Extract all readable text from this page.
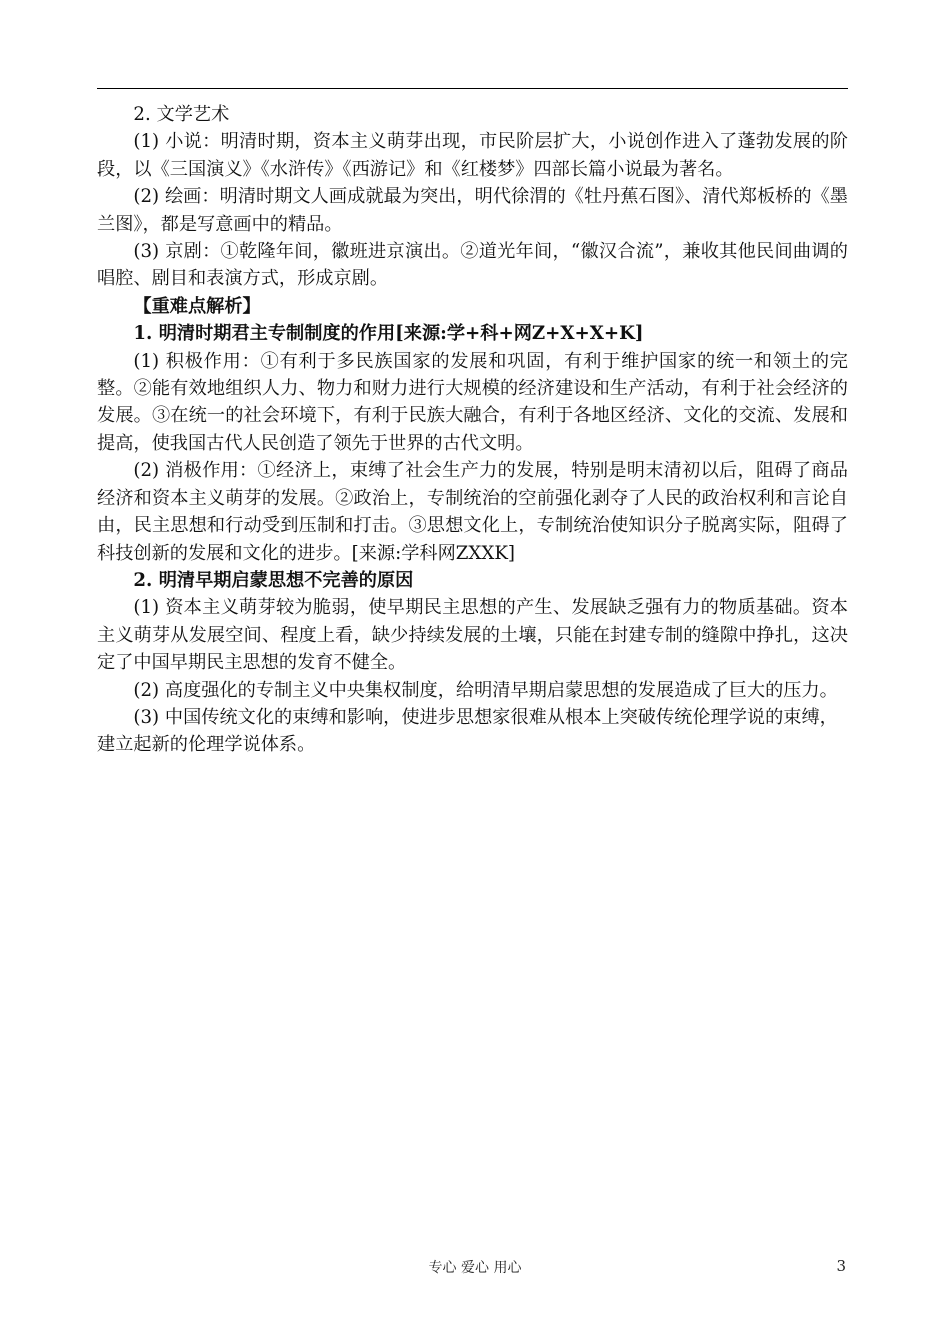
2. 文学艺术

(1) 小说：明清时期，资本主义萌芽出现，市民阶层扩大，小说创作进入了蓬勃发展的阶段，以《三国演义》《水浒传》《西游记》和《红楼梦》四部长篇小说最为著名。

(2) 绘画：明清时期文人画成就最为突出，明代徐渭的《牡丹蕉石图》、清代郑板桥的《墨兰图》，都是写意画中的精品。

(3) 京剧：①乾隆年间，徽班进京演出。②道光年间，“徽汉合流”，兼收其他民间曲调的唱腔、剧目和表演方式，形成京剧。

【重难点解析】

1. 明清时期君主专制制度的作用[来源:学+科+网Z+X+X+K]

(1) 积极作用：①有利于多民族国家的发展和巩固，有利于维护国家的统一和领土的完整。②能有效地组织人力、物力和财力进行大规模的经济建设和生产活动，有利于社会经济的发展。③在统一的社会环境下，有利于民族大融合，有利于各地区经济、文化的交流、发展和提高，使我国古代人民创造了领先于世界的古代文明。

(2) 消极作用：①经济上，束缚了社会生产力的发展，特别是明末清初以后，阻碍了商品经济和资本主义萌芽的发展。②政治上，专制统治的空前强化剥夺了人民的政治权利和言论自由，民主思想和行动受到压制和打击。③思想文化上，专制统治使知识分子脱离实际，阻碍了科技创新的发展和文化的进步。[来源:学科网ZXXK]

2. 明清早期启蒙思想不完善的原因

(1) 资本主义萌芽较为脆弱，使早期民主思想的产生、发展缺乏强有力的物质基础。资本主义萌芽从发展空间、程度上看，缺少持续发展的土壤，只能在封建专制的缝隙中挣扎，这决定了中国早期民主思想的发育不健全。

(2) 高度强化的专制主义中央集权制度，给明清早期启蒙思想的发展造成了巨大的压力。

(3) 中国传统文化的束缚和影响，使进步思想家很难从根本上突破传统伦理学说的束缚，建立起新的伦理学说体系。

专心 爱心 用心	3
